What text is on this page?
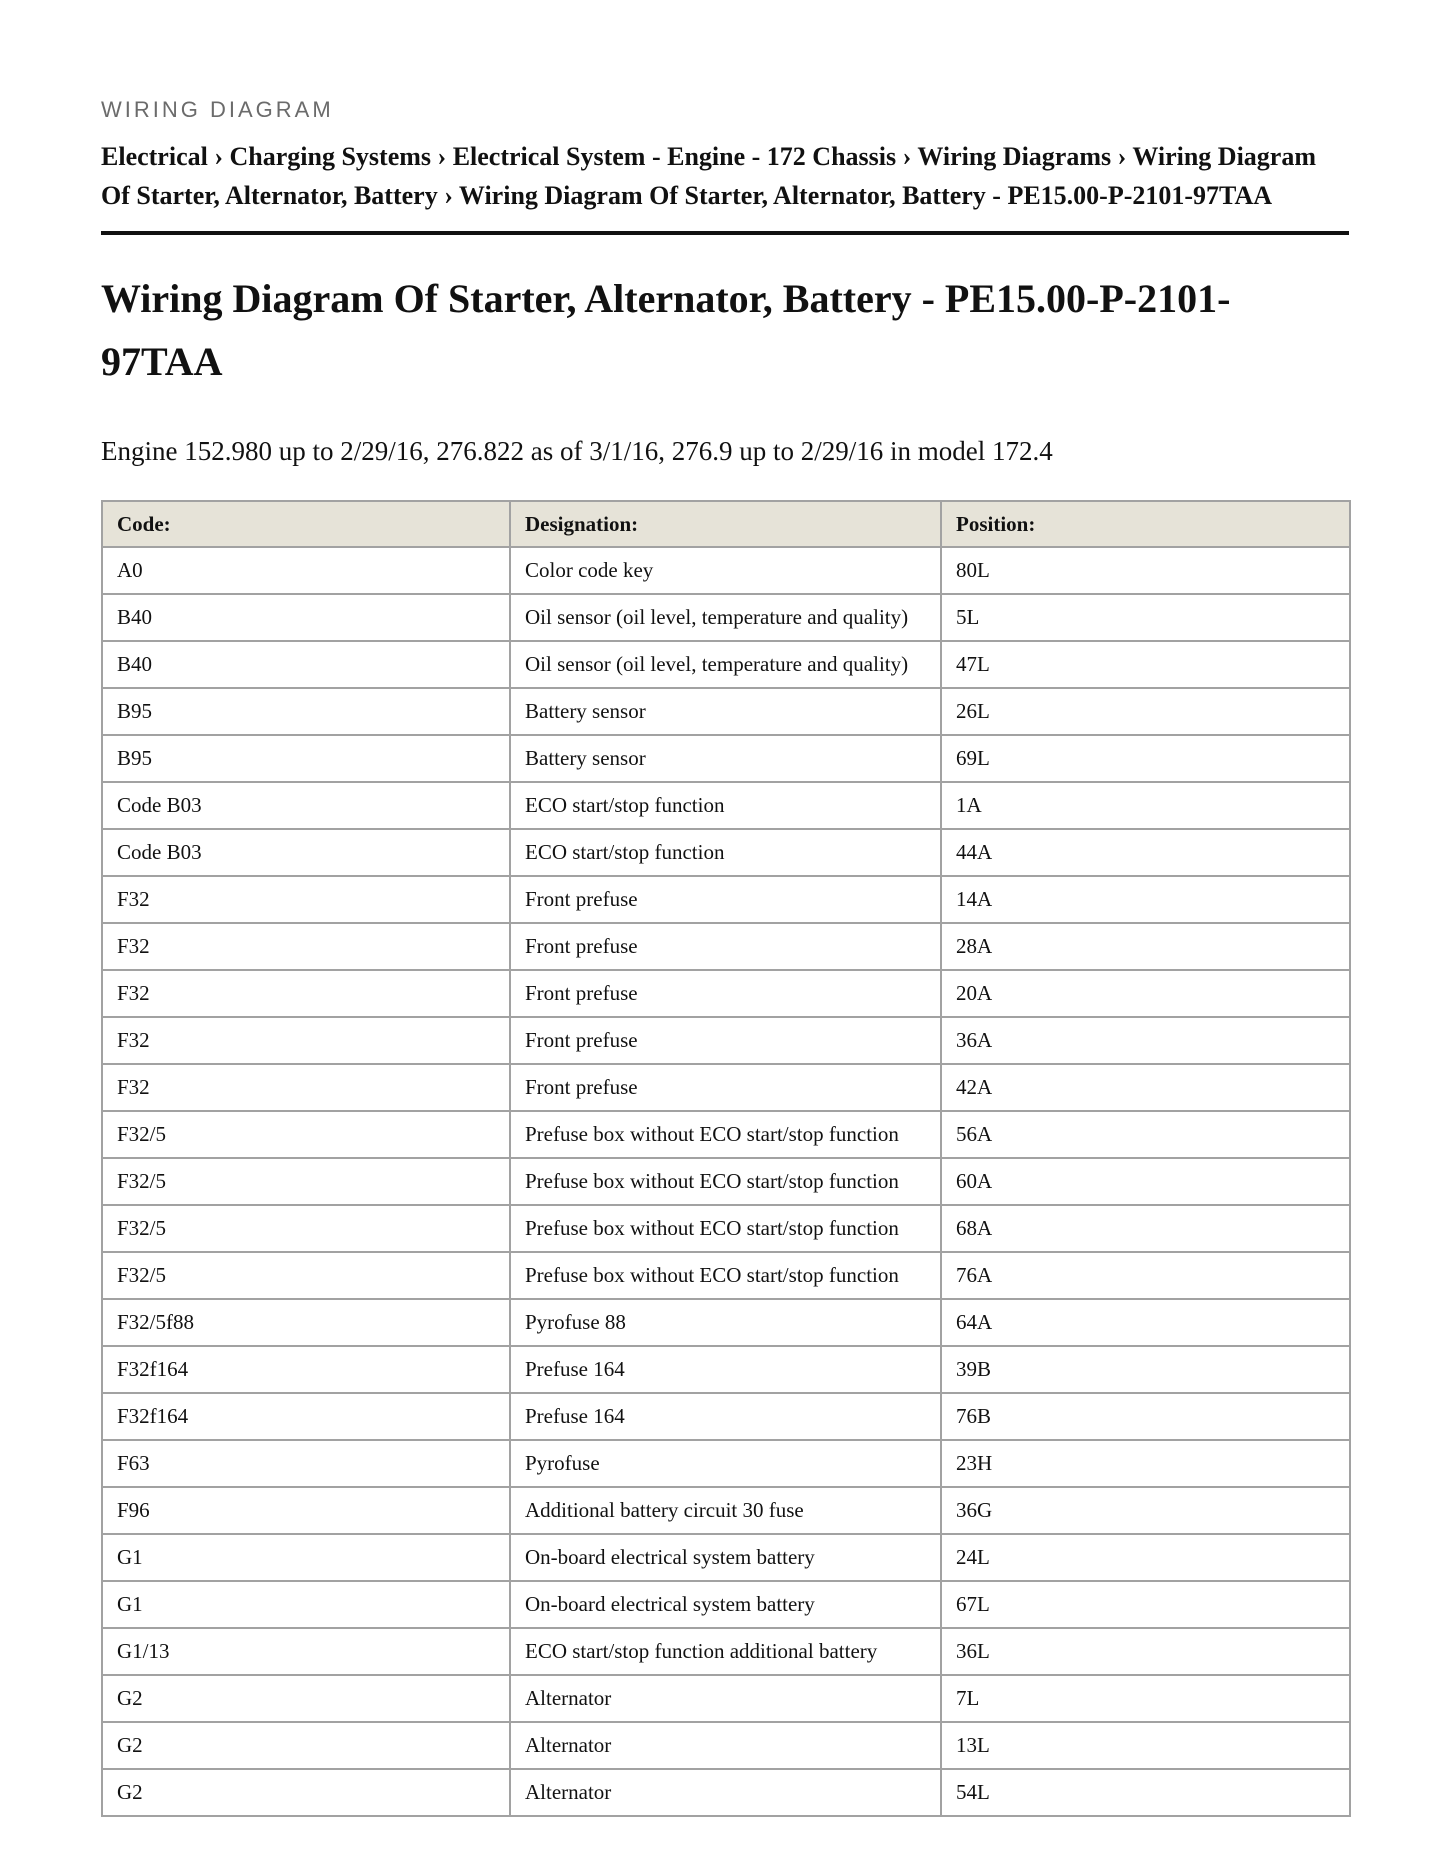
WIRING DIAGRAM
Electrical › Charging Systems › Electrical System - Engine - 172 Chassis › Wiring Diagrams › Wiring Diagram Of Starter, Alternator, Battery › Wiring Diagram Of Starter, Alternator, Battery - PE15.00-P-2101-97TAA
Wiring Diagram Of Starter, Alternator, Battery - PE15.00-P-2101-97TAA
Engine 152.980 up to 2/29/16, 276.822 as of 3/1/16, 276.9 up to 2/29/16 in model 172.4
Code:	Designation:	Position:
A0	Color code key	80L
B40	Oil sensor (oil level, temperature and quality)	5L
B40	Oil sensor (oil level, temperature and quality)	47L
B95	Battery sensor	26L
B95	Battery sensor	69L
Code B03	ECO start/stop function	1A
Code B03	ECO start/stop function	44A
F32	Front prefuse	14A
F32	Front prefuse	28A
F32	Front prefuse	20A
F32	Front prefuse	36A
F32	Front prefuse	42A
F32/5	Prefuse box without ECO start/stop function	56A
F32/5	Prefuse box without ECO start/stop function	60A
F32/5	Prefuse box without ECO start/stop function	68A
F32/5	Prefuse box without ECO start/stop function	76A
F32/5f88	Pyrofuse 88	64A
F32f164	Prefuse 164	39B
F32f164	Prefuse 164	76B
F63	Pyrofuse	23H
F96	Additional battery circuit 30 fuse	36G
G1	On-board electrical system battery	24L
G1	On-board electrical system battery	67L
G1/13	ECO start/stop function additional battery	36L
G2	Alternator	7L
G2	Alternator	13L
G2	Alternator	54L
